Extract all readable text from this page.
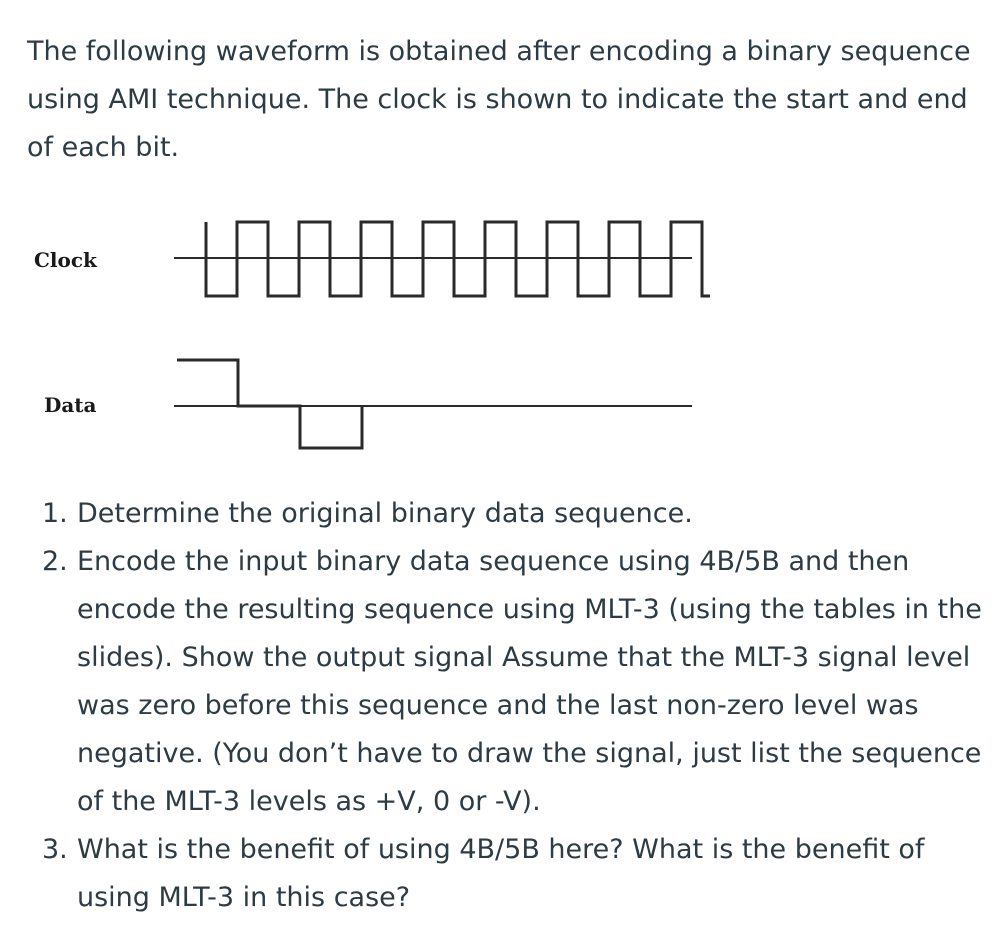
The following waveform is obtained after encoding a binary sequence using AMI technique. The clock is shown to indicate the start and end of each bit.

Clock
Data
1. Determine the original binary data sequence.
2. Encode the input binary data sequence using 4B/5B and then encode the resulting sequence using MLT-3 (using the tables in the slides). Show the output signal Assume that the MLT-3 signal level was zero before this sequence and the last non-zero level was negative. (You don’t have to draw the signal, just list the sequence of the MLT-3 levels as +V, 0 or -V).
3. What is the benefit of using 4B/5B here? What is the benefit of using MLT-3 in this case?
